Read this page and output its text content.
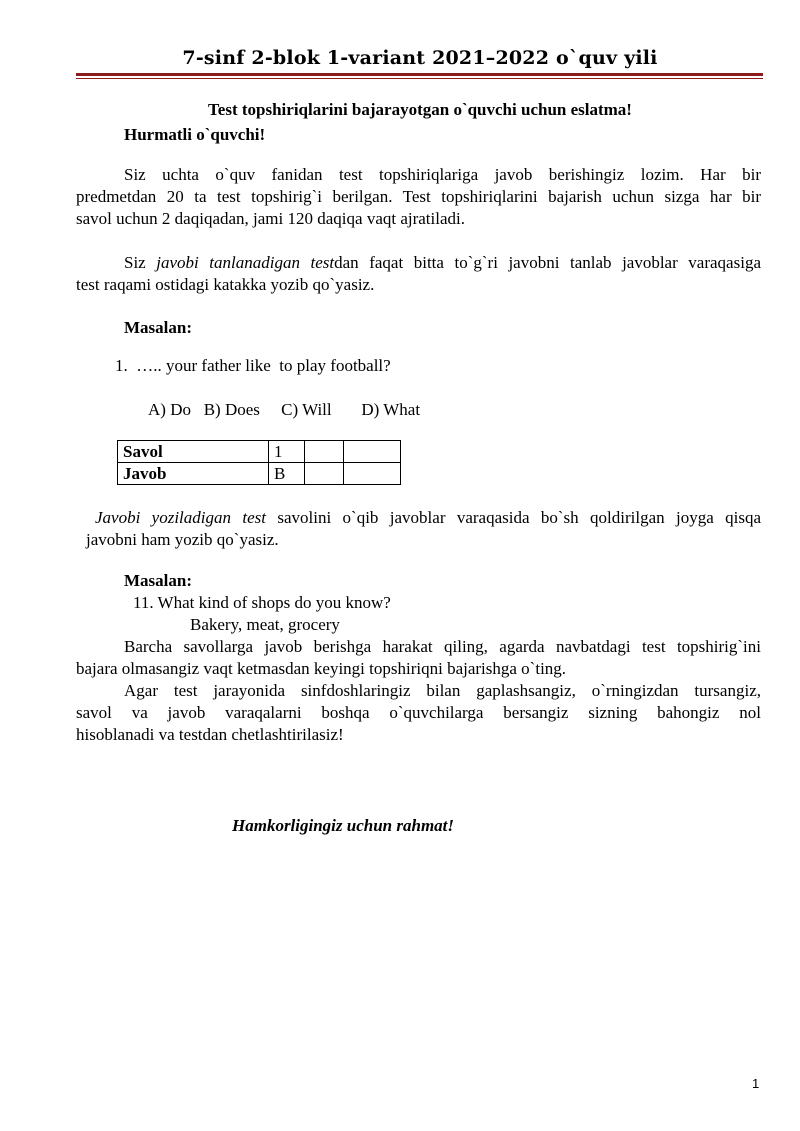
7-sinf 2-blok 1-variant 2021–2022 o`quv yili
Test topshiriqlarini bajarayotgan o`quvchi uchun eslatma!
Hurmatli o`quvchi!
Siz uchta o`quv fanidan test topshiriqlariga javob berishingiz lozim. Har bir
predmetdan 20 ta test topshirig`i berilgan. Test topshiriqlarini bajarish uchun sizga har bir
savol uchun 2 daqiqadan, jami 120 daqiqa vaqt ajratiladi.
Siz javobi tanlanadigan testdan faqat bitta to`g`ri javobni tanlab javoblar varaqasiga
test raqami ostidagi katakka yozib qo`yasiz.
Masalan:
1.  ….. your father like  to play football?
A) Do   B) Does     C) Will       D) What
Savol	1		
Javob	B		
Javobi yoziladigan test savolini o`qib javoblar varaqasida bo`sh qoldirilgan joyga qisqa
javobni ham yozib qo`yasiz.
Masalan:
11. What kind of shops do you know?
Bakery, meat, grocery
Barcha savollarga javob berishga harakat qiling, agarda navbatdagi test topshirig`ini
bajara olmasangiz vaqt ketmasdan keyingi topshiriqni bajarishga o`ting.
Agar test jarayonida sinfdoshlaringiz bilan gaplashsangiz, o`rningizdan tursangiz,
savol va javob varaqalarni boshqa o`quvchilarga bersangiz sizning bahongiz nol
hisoblanadi va testdan chetlashtirilasiz!
Hamkorligingiz uchun rahmat!
1
